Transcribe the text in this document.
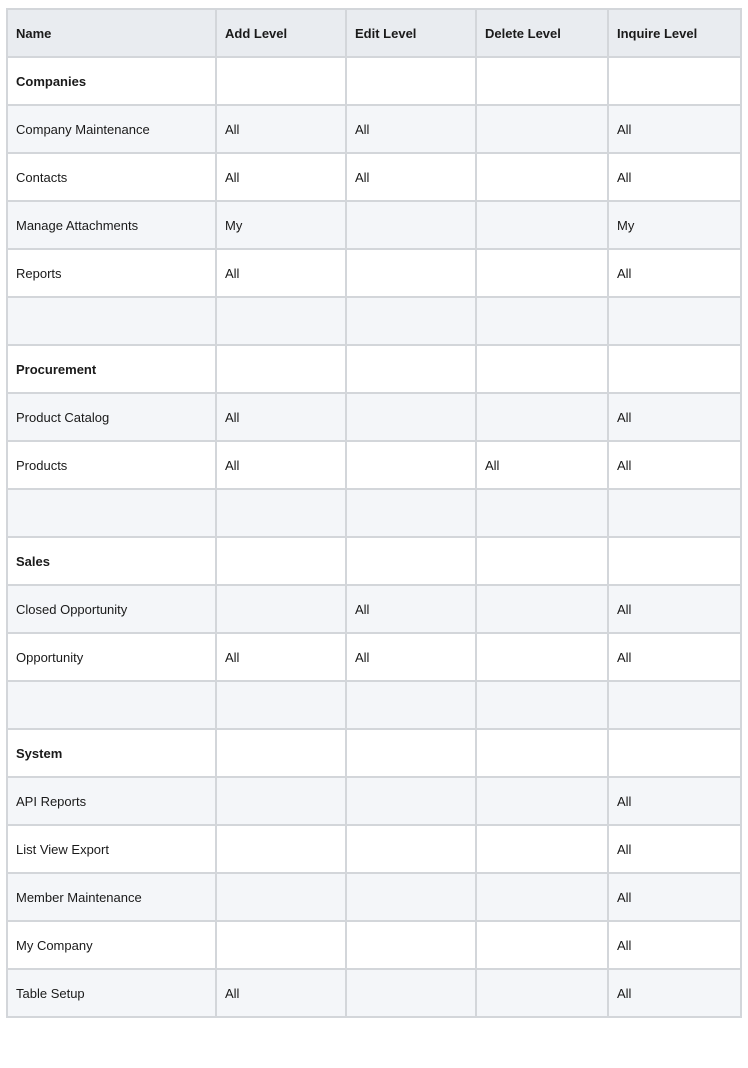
Name	Add Level	Edit Level	Delete Level	Inquire Level
Companies				
Company Maintenance	All	All		All
Contacts	All	All		All
Manage Attachments	My			My
Reports	All			All

Procurement				
Product Catalog	All			All
Products	All		All	All

Sales				
Closed Opportunity		All		All
Opportunity	All	All		All

System				
API Reports				All
List View Export				All
Member Maintenance				All
My Company				All
Table Setup	All			All
